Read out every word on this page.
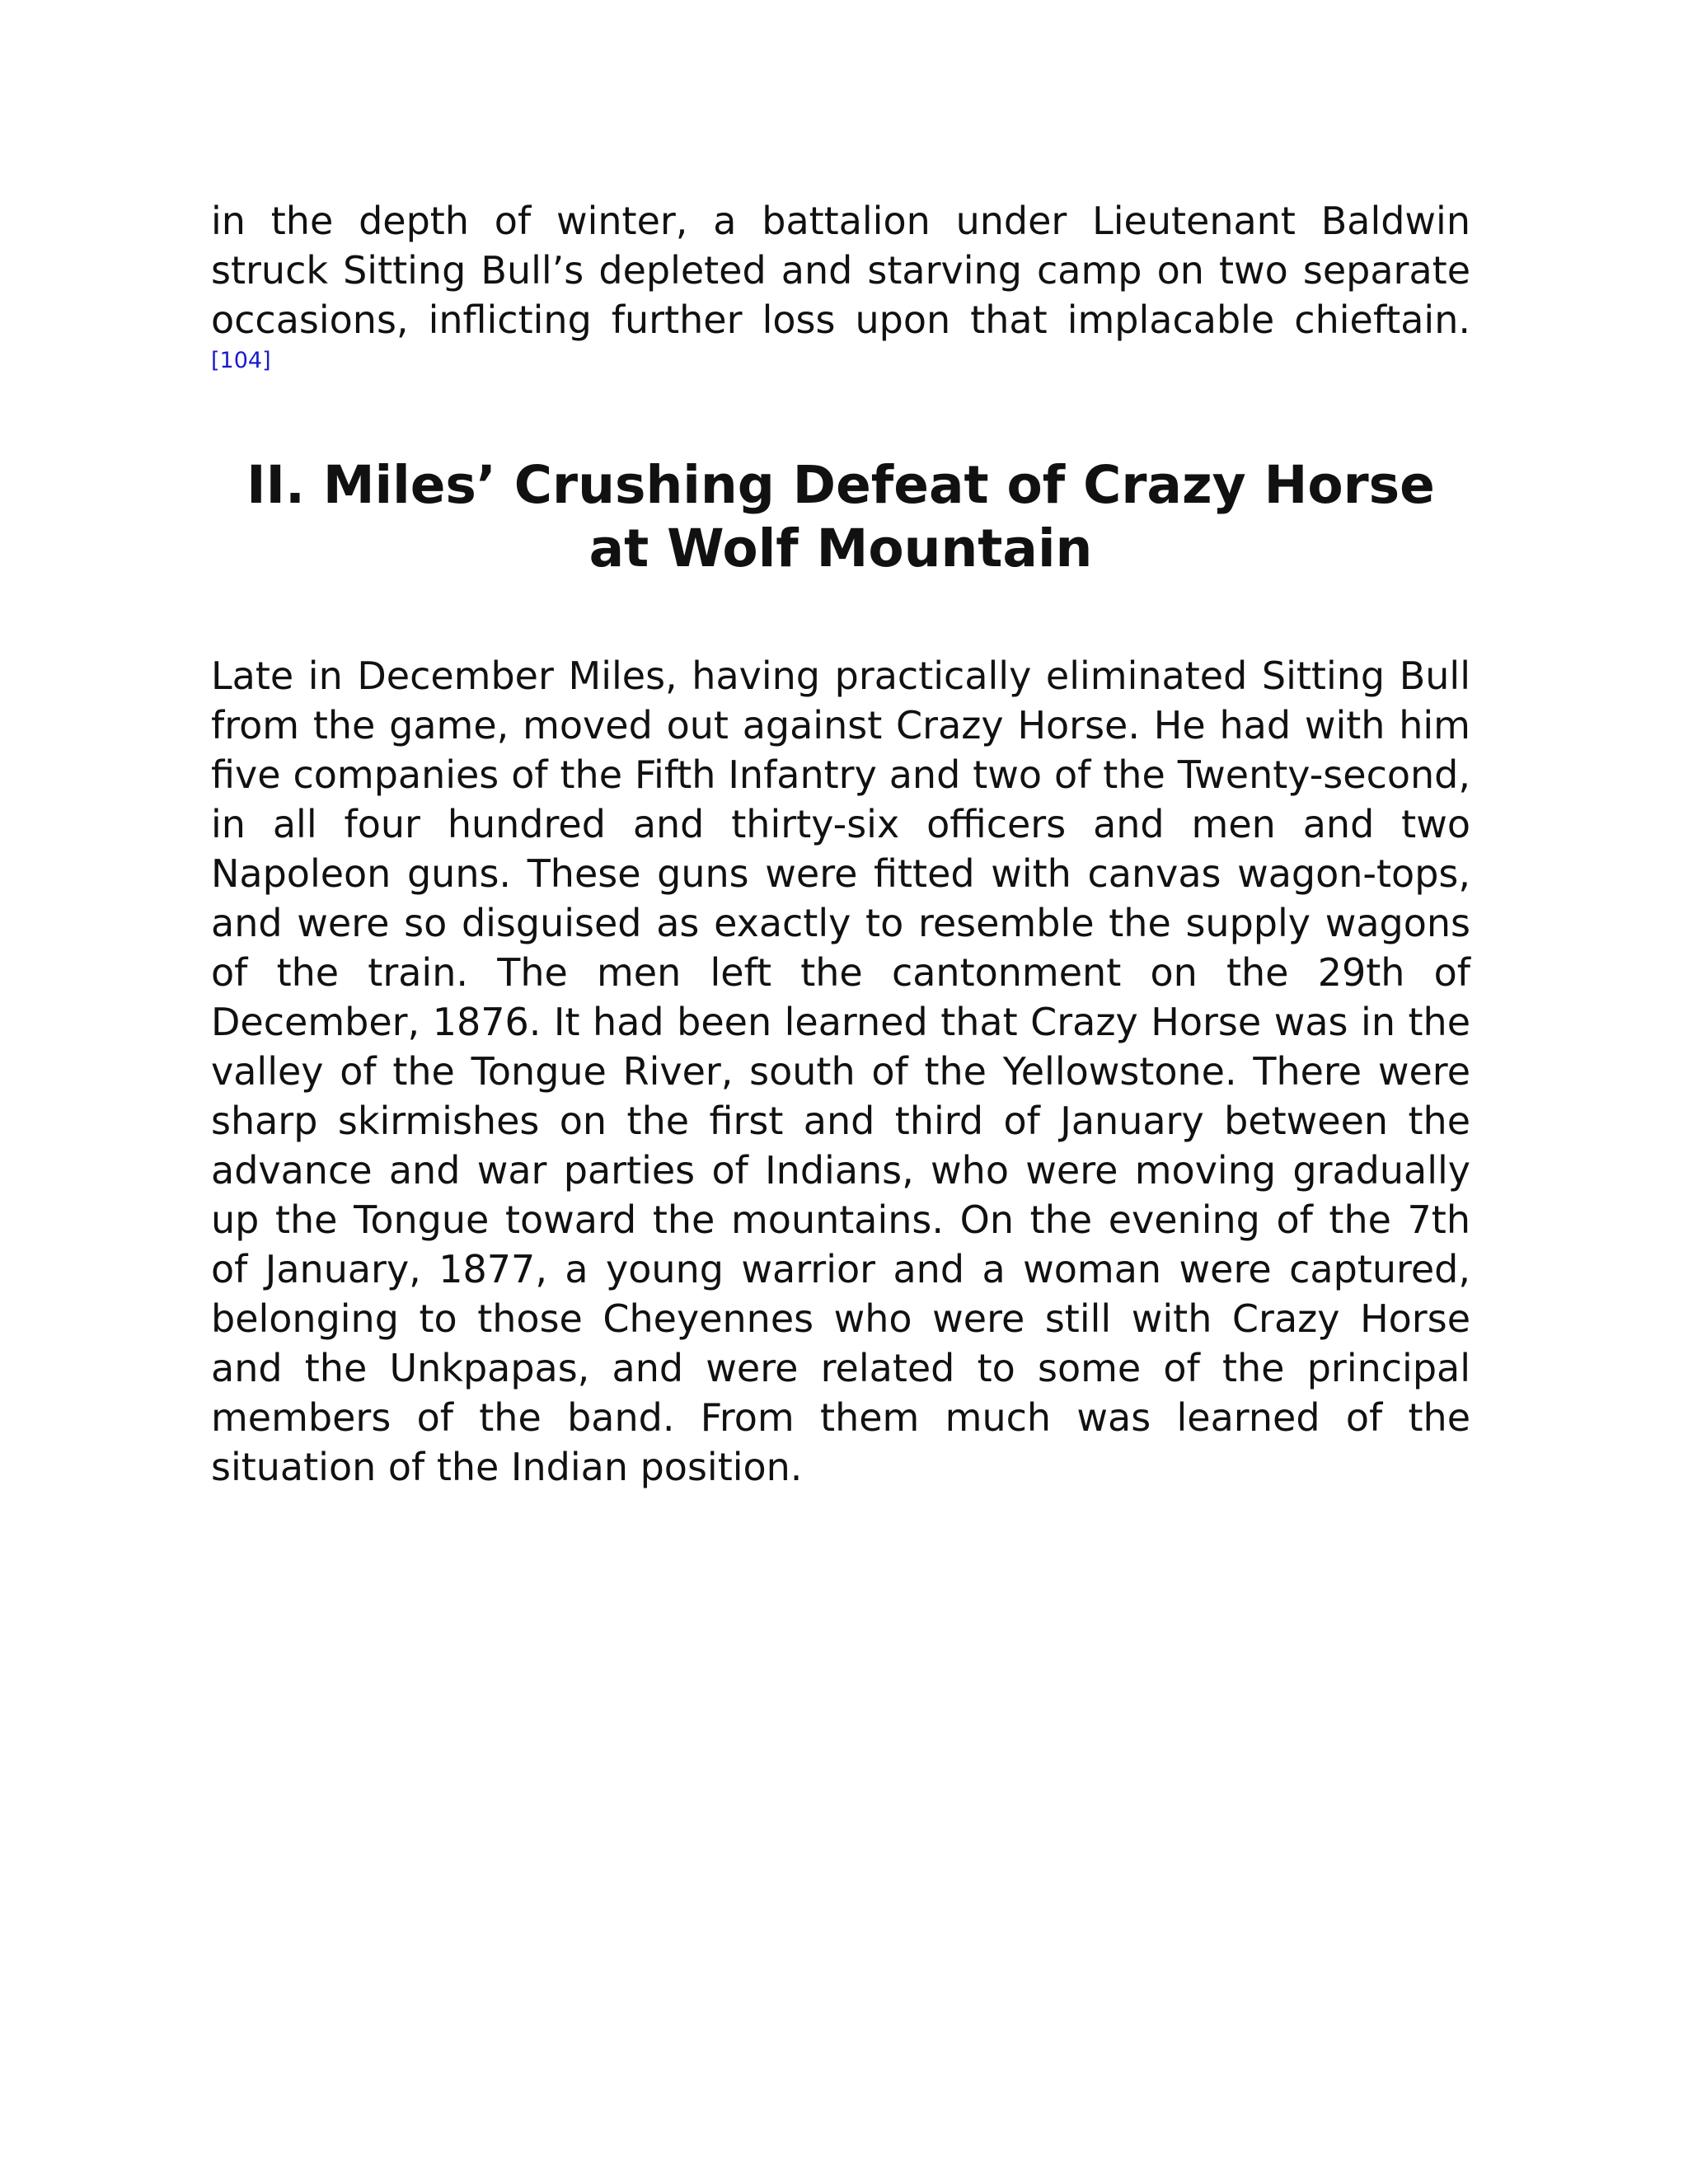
in the depth of winter, a battalion under Lieutenant Baldwin struck Sitting Bull’s depleted and starving camp on two separate occasions, inflicting further loss upon that implacable chieftain.[104]

II. Miles’ Crushing Defeat of Crazy Horse at Wolf Mountain

Late in December Miles, having practically eliminated Sitting Bull from the game, moved out against Crazy Horse. He had with him five companies of the Fifth Infantry and two of the Twenty-second, in all four hundred and thirty-six officers and men and two Napoleon guns. These guns were fitted with canvas wagon-tops, and were so disguised as exactly to resemble the supply wagons of the train. The men left the cantonment on the 29th of December, 1876. It had been learned that Crazy Horse was in the valley of the Tongue River, south of the Yellowstone. There were sharp skirmishes on the first and third of January between the advance and war parties of Indians, who were moving gradually up the Tongue toward the mountains. On the evening of the 7th of January, 1877, a young warrior and a woman were captured, belonging to those Cheyennes who were still with Crazy Horse and the Unkpapas, and were related to some of the principal members of the band. From them much was learned of the situation of the Indian position.
